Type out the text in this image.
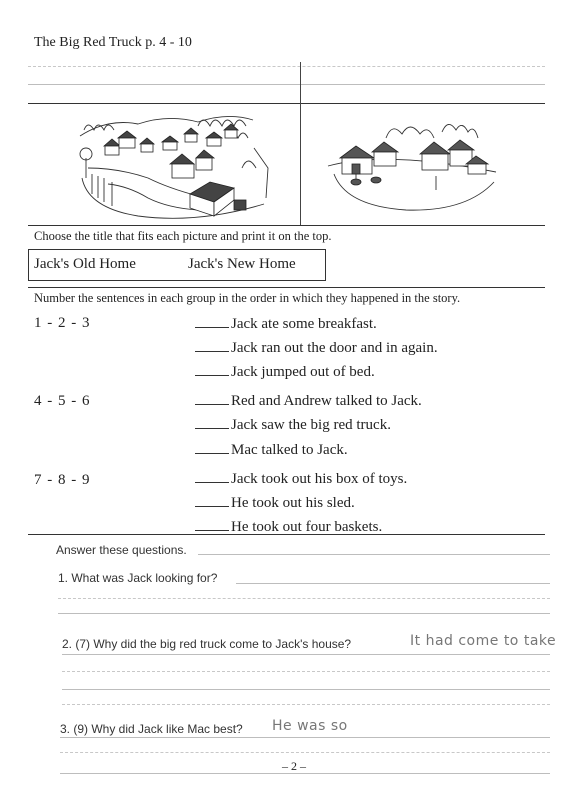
The Big Red Truck p. 4 - 10
Choose the title that fits each picture and print it on the top.
Jack's Old Home	Jack's New Home
Number the sentences in each group in the order in which they happened in the story.
1 - 2 - 3	Jack ate some breakfast.
Jack ran out the door and in again.
Jack jumped out of bed.
4 - 5 - 6	Red and Andrew talked to Jack.
Jack saw the big red truck.
Mac talked to Jack.
7 - 8 - 9	Jack took out his box of toys.
He took out his sled.
He took out four baskets.
Answer these questions.
1. What was Jack looking for?
2. (7) Why did the big red truck come to Jack's house?	It had come to take
3. (9) Why did Jack like Mac best? He was so
– 2 –
